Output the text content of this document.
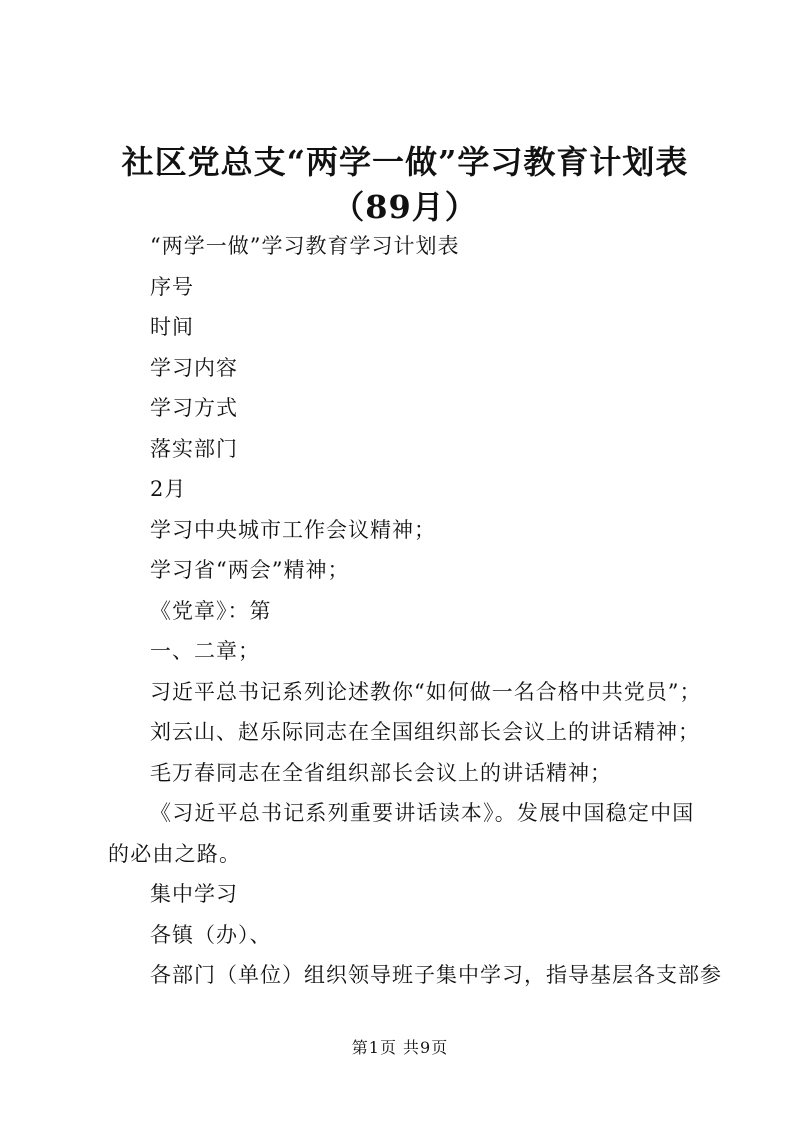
社区党总支“两学一做”学习教育计划表（89月）
“两学一做”学习教育学习计划表
序号
时间
学习内容
学习方式
落实部门
2月
学习中央城市工作会议精神；
学习省“两会”精神；
《党章》：第
一、二章；
习近平总书记系列论述教你“如何做一名合格中共党员”；
刘云山、赵乐际同志在全国组织部长会议上的讲话精神；
毛万春同志在全省组织部长会议上的讲话精神；
《习近平总书记系列重要讲话读本》。发展中国稳定中国的必由之路。
集中学习
各镇（办）、
各部门（单位）组织领导班子集中学习，指导基层各支部参
第1页 共9页
